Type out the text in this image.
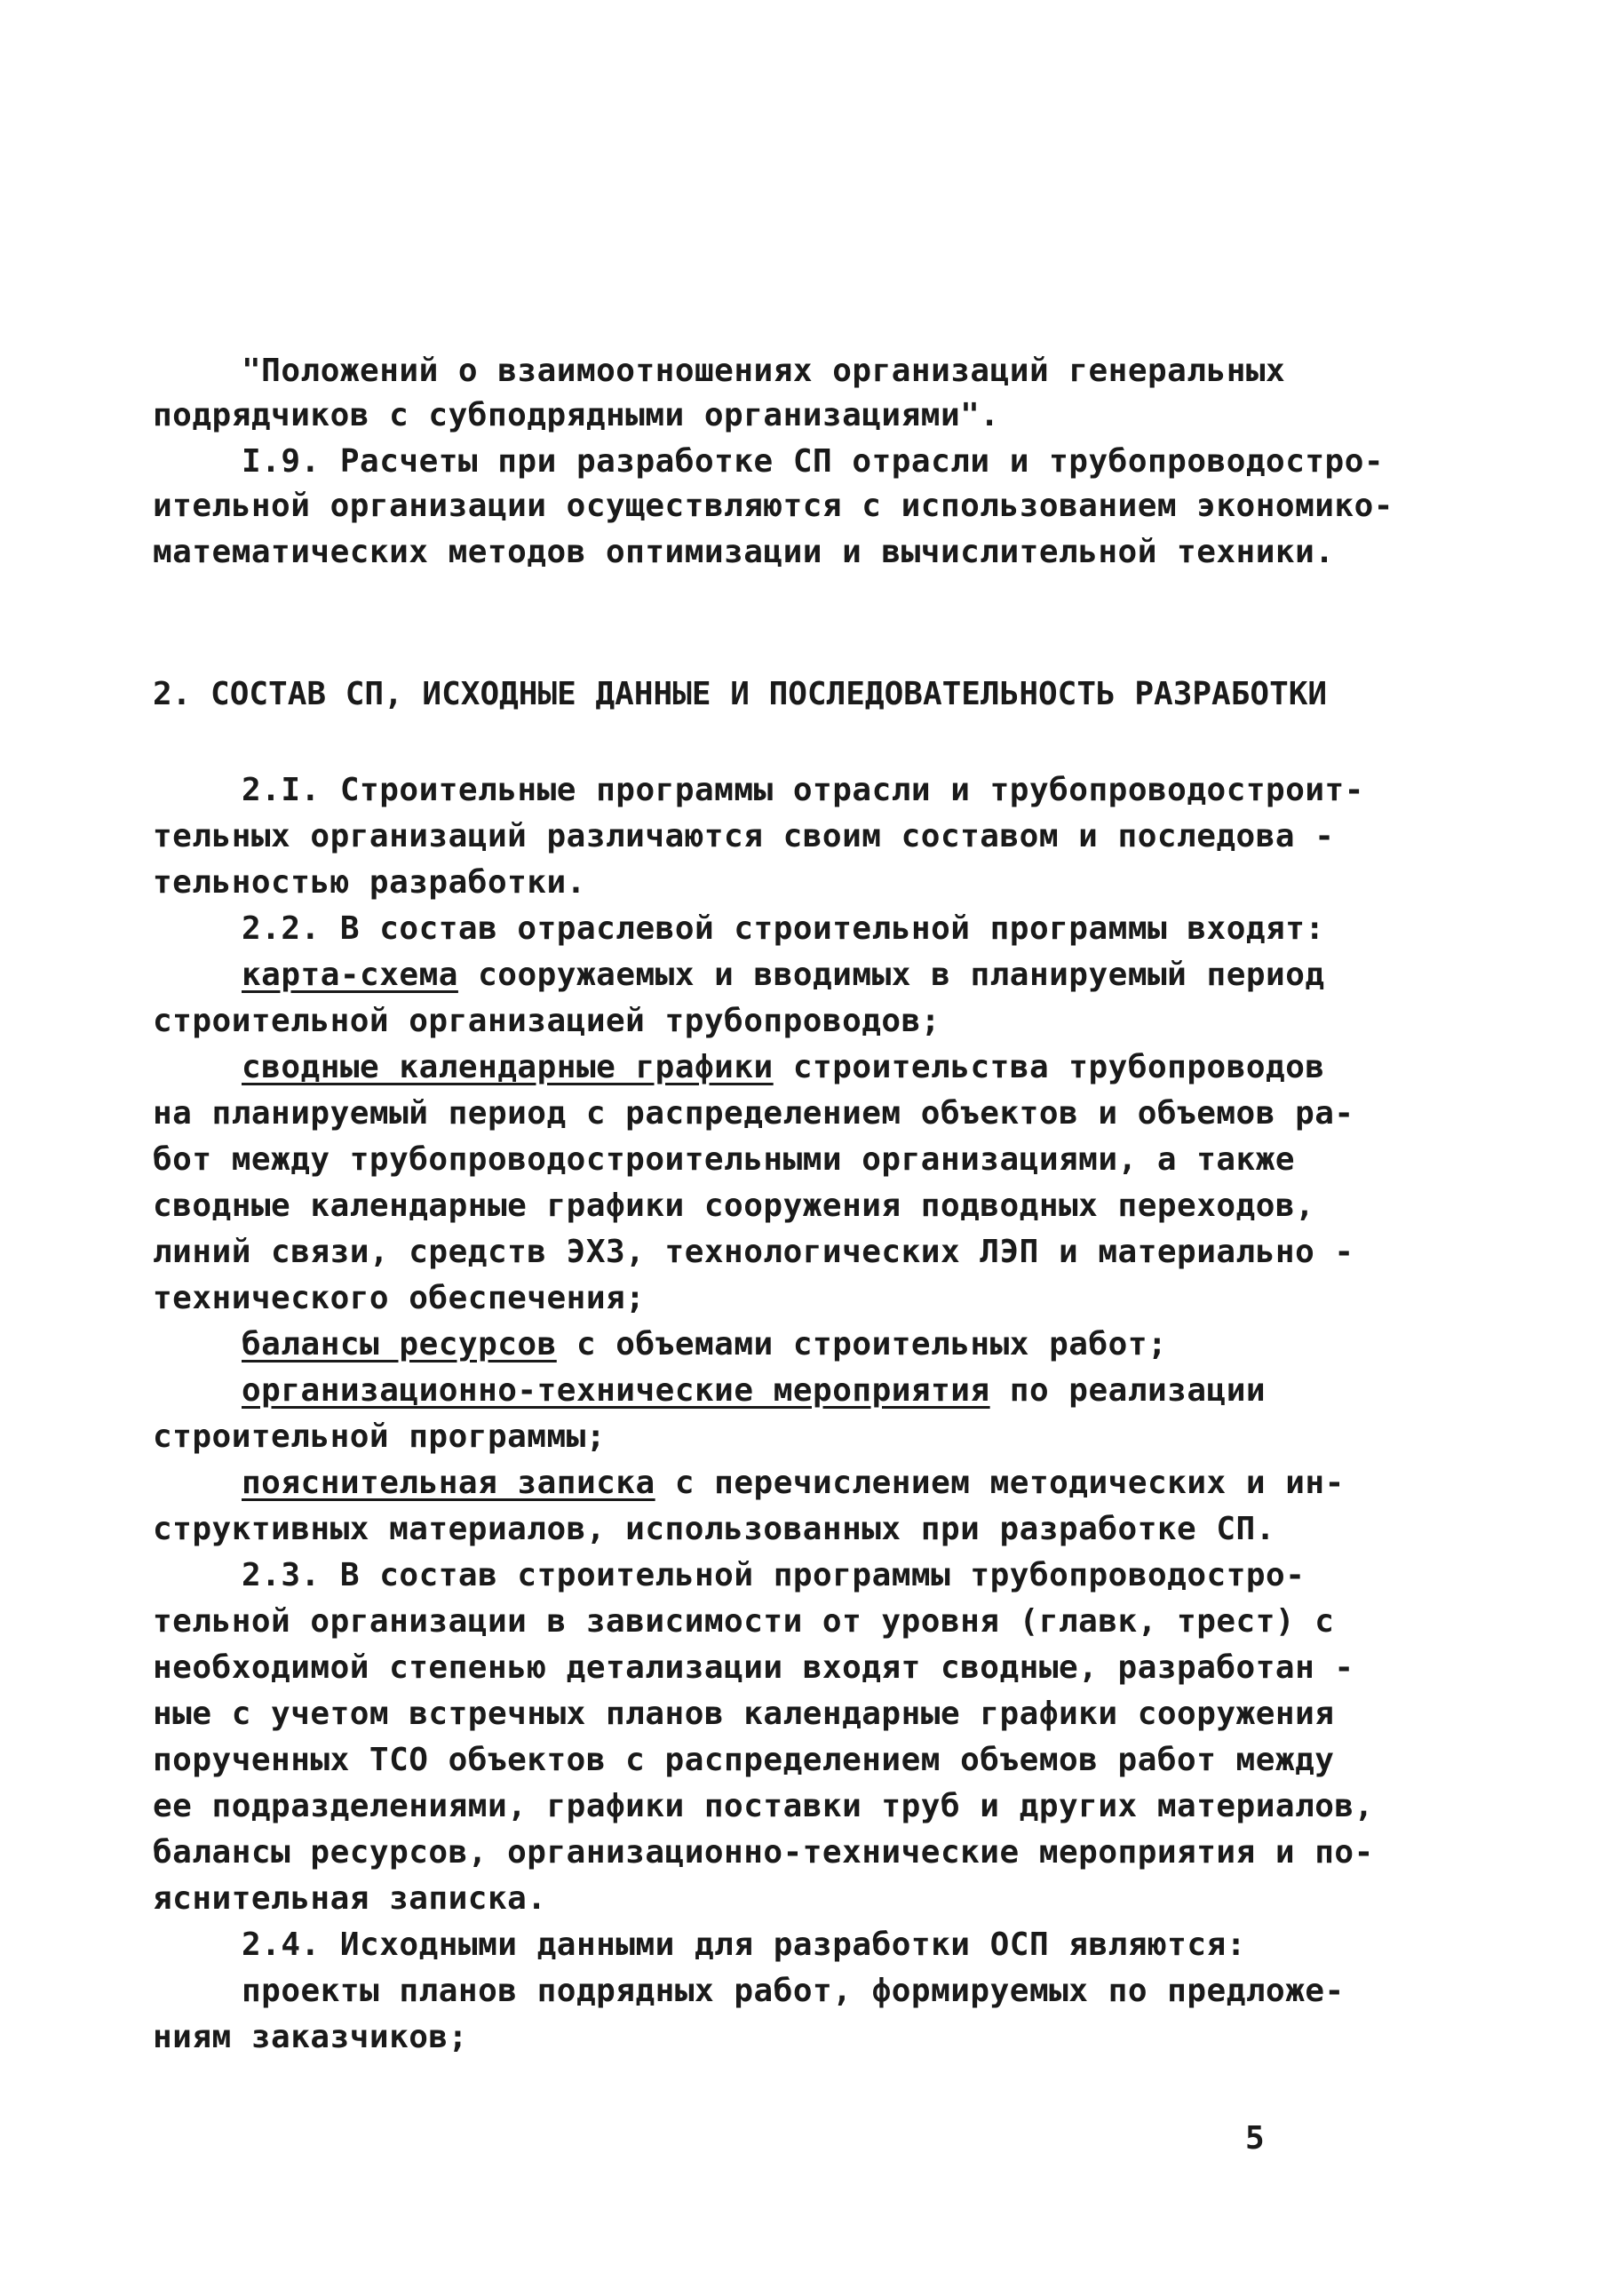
"Положений о взаимоотношениях организаций генеральных
подрядчиков с субподрядными организациями".
I.9. Расчеты при разработке СП отрасли и трубопроводостро-
ительной организации осуществляются с использованием экономико-
математических методов оптимизации и вычислительной техники.
2. СОСТАВ СП, ИСХОДНЫЕ ДАННЫЕ И ПОСЛЕДОВАТЕЛЬНОСТЬ РАЗРАБОТКИ
2.I. Строительные программы отрасли и трубопроводостроит-
тельных организаций различаются своим составом и последова -
тельностью разработки.
2.2. В состав отраслевой строительной программы входят:
карта-схема сооружаемых и вводимых в планируемый период
строительной организацией трубопроводов;
сводные календарные графики строительства трубопроводов
на планируемый период с распределением объектов и объемов ра-
бот между трубопроводостроительными организациями, а также
сводные календарные графики сооружения подводных переходов,
линий связи, средств ЭХЗ, технологических ЛЭП и материально -
технического обеспечения;
балансы ресурсов с объемами строительных работ;
организационно-технические мероприятия по реализации
строительной программы;
пояснительная записка с перечислением методических и ин-
структивных материалов, использованных при разработке СП.
2.3. В состав строительной программы трубопроводостро-
тельной организации в зависимости от уровня (главк, трест) с
необходимой степенью детализации входят сводные, разработан -
ные с учетом встречных планов календарные графики сооружения
порученных ТСО объектов с распределением объемов работ между
ее подразделениями, графики поставки труб и других материалов,
балансы ресурсов, организационно-технические мероприятия и по-
яснительная записка.
2.4. Исходными данными для разработки ОСП являются:
проекты планов подрядных работ, формируемых по предложе-
ниям заказчиков;
5
